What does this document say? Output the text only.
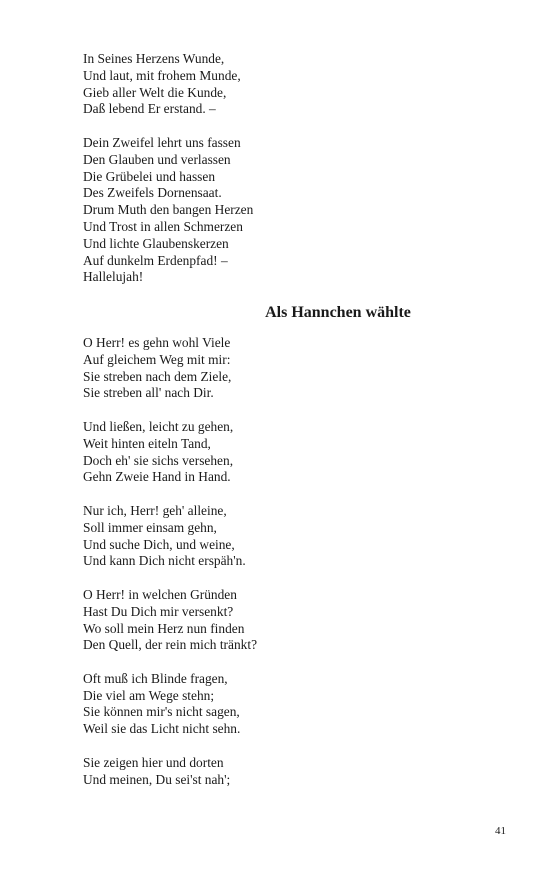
In Seines Herzens Wunde,
Und laut, mit frohem Munde,
Gieb aller Welt die Kunde,
Daß lebend Er erstand. –
Dein Zweifel lehrt uns fassen
Den Glauben und verlassen
Die Grübelei und hassen
Des Zweifels Dornensaat.
Drum Muth den bangen Herzen
Und Trost in allen Schmerzen
Und lichte Glaubenskerzen
Auf dunkelm Erdenpfad! –
Hallelujah!
Als Hannchen wählte
O Herr! es gehn wohl Viele
Auf gleichem Weg mit mir:
Sie streben nach dem Ziele,
Sie streben all' nach Dir.
Und ließen, leicht zu gehen,
Weit hinten eiteln Tand,
Doch eh' sie sichs versehen,
Gehn Zweie Hand in Hand.
Nur ich, Herr! geh' alleine,
Soll immer einsam gehn,
Und suche Dich, und weine,
Und kann Dich nicht erspäh'n.
O Herr! in welchen Gründen
Hast Du Dich mir versenkt?
Wo soll mein Herz nun finden
Den Quell, der rein mich tränkt?
Oft muß ich Blinde fragen,
Die viel am Wege stehn;
Sie können mir's nicht sagen,
Weil sie das Licht nicht sehn.
Sie zeigen hier und dorten
Und meinen, Du sei'st nah';
41
